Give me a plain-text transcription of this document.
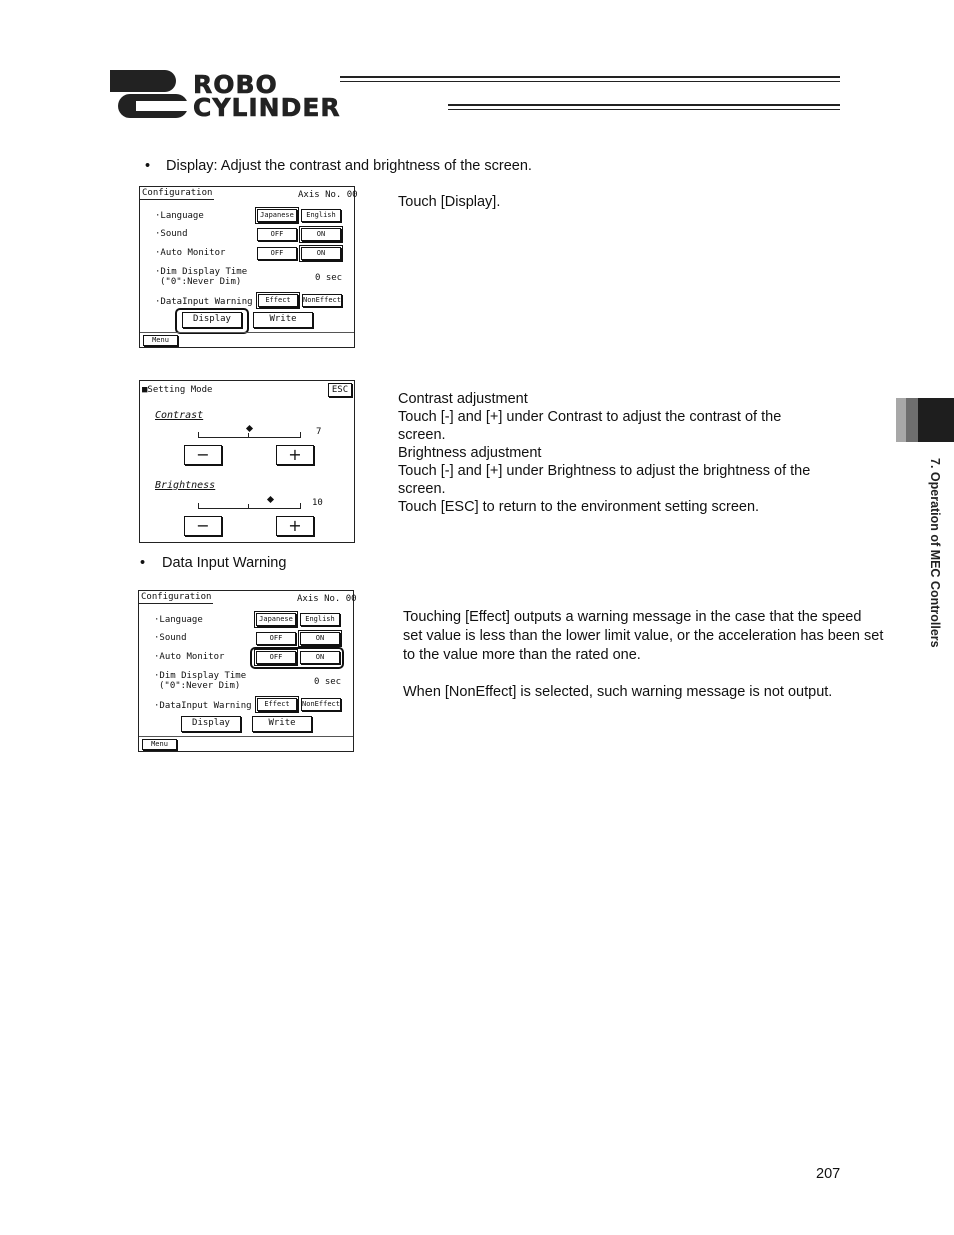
ROBO
CYLINDER
• Display: Adjust the contrast and brightness of the screen.
Configuration	Axis No. 00
·Language	Japanese	English
·Sound	OFF	ON
·Auto Monitor	OFF	ON
·Dim Display Time
("0":Never Dim)	0 sec
·DataInput Warning	Effect	NonEffect
Display	Write
Menu
Touch [Display].
■Setting Mode	ESC
Contrast
7
−	+
Brightness
10
−	+
Contrast adjustment
Touch [-] and [+] under Contrast to adjust the contrast of the
screen.
Brightness adjustment
Touch [-] and [+] under Brightness to adjust the brightness of the
screen.
Touch [ESC] to return to the environment setting screen.
• Data Input Warning
Configuration	Axis No. 00
·Language	Japanese	English
·Sound	OFF	ON
·Auto Monitor	OFF	ON
·Dim Display Time
("0":Never Dim)	0 sec
·DataInput Warning	Effect	NonEffect
Display	Write
Menu
Touching [Effect] outputs a warning message in the case that the speed
set value is less than the lower limit value, or the acceleration has been set
to the value more than the rated one.
When [NonEffect] is selected, such warning message is not output.
7. Operation of MEC Controllers
207
